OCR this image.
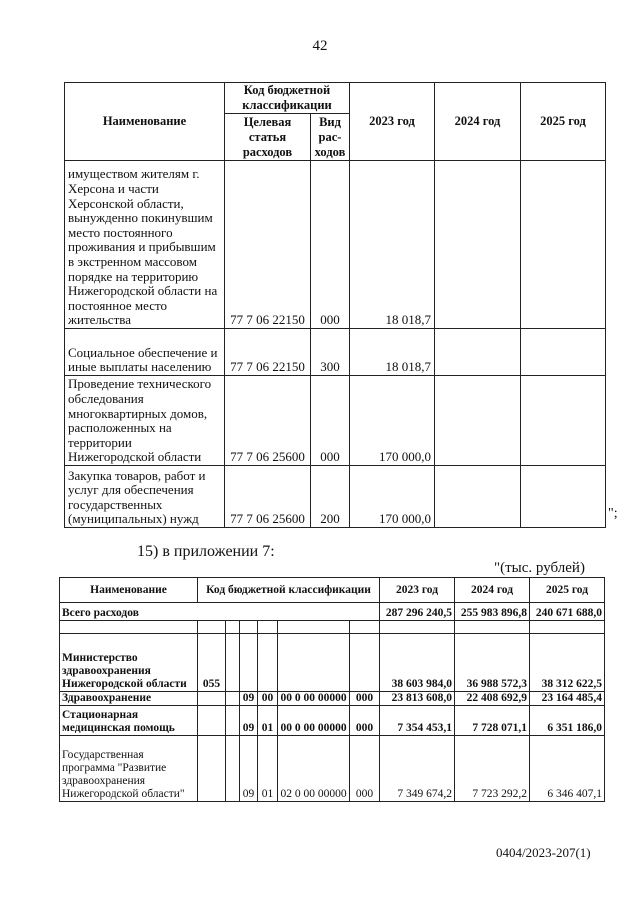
42
Наименование	Код бюджетной классификации		2023 год	2024 год	2025 год
	Целевая статья расходов	Вид рас-ходов			
имуществом жителям г. Херсона и части Херсонской области, вынужденно покинувшим место постоянного проживания и прибывшим в экстренном массовом порядке на территорию Нижегородской области на постоянное место жительства	77 7 06 22150	000	18 018,7		
Социальное обеспечение и иные выплаты населению	77 7 06 22150	300	18 018,7		
Проведение технического обследования многоквартирных домов, расположенных на территории Нижегородской области	77 7 06 25600	000	170 000,0		
Закупка товаров, работ и услуг для обеспечения государственных (муниципальных) нужд	77 7 06 25600	200	170 000,0			";
15) в приложении 7:
"(тыс. рублей)
Наименование	Код бюджетной классификации						2023 год	2024 год	2025 год
Всего расходов							287 296 240,5	255 983 896,8	240 671 688,0

Министерство здравоохранения Нижегородской области	055						38 603 984,0	36 988 572,3	38 312 622,5
Здравоохранение			09	00	00 0 00 00000	000	23 813 608,0	22 408 692,9	23 164 485,4
Стационарная медицинская помощь			09	01	00 0 00 00000	000	7 354 453,1	7 728 071,1	6 351 186,0
Государственная программа "Развитие здравоохранения Нижегородской области"			09	01	02 0 00 00000	000	7 349 674,2	7 723 292,2	6 346 407,1
0404/2023-207(1)
